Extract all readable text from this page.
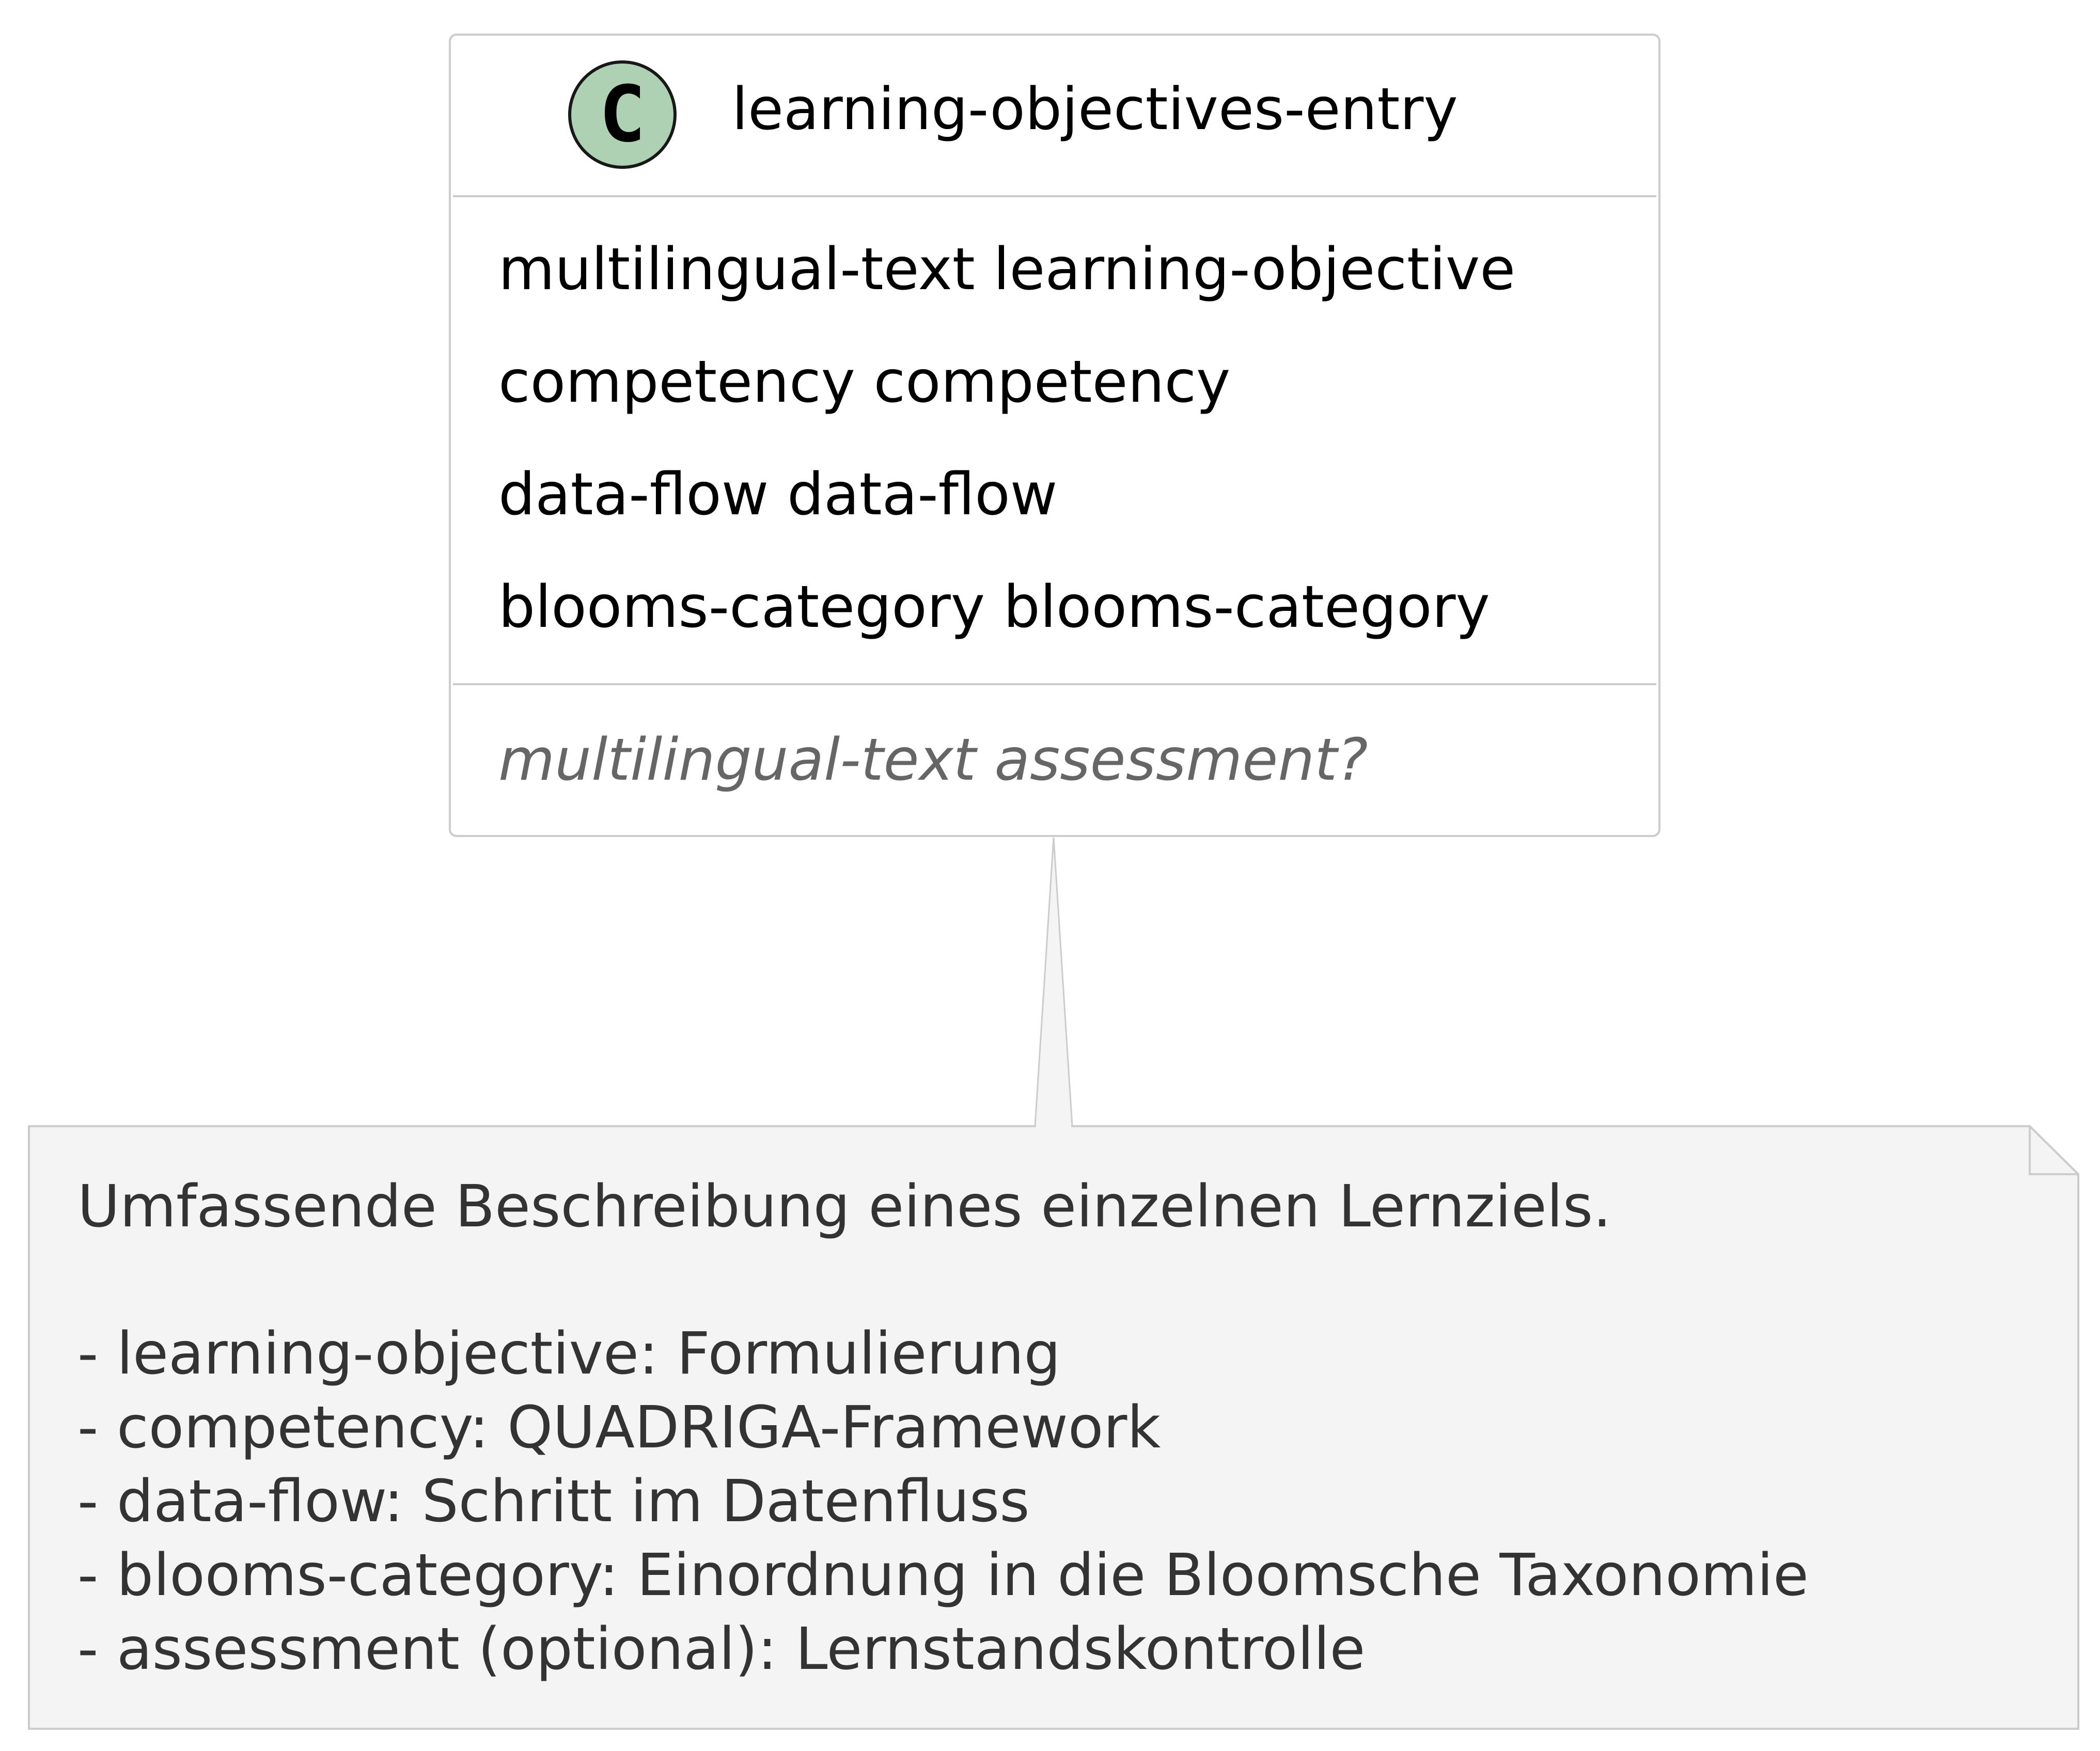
C learning-objectives-entry
multilingual-text learning-objective
competency competency
data-flow data-flow
blooms-category blooms-category
multilingual-text assessment?
Umfassende Beschreibung eines einzelnen Lernziels.
- learning-objective: Formulierung
- competency: QUADRIGA-Framework
- data-flow: Schritt im Datenfluss
- blooms-category: Einordnung in die Bloomsche Taxonomie
- assessment (optional): Lernstandskontrolle
